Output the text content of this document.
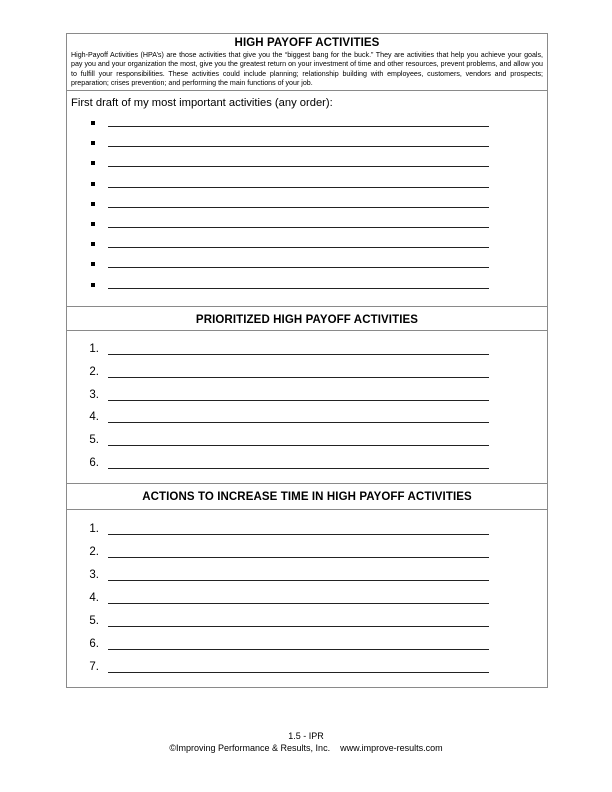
HIGH PAYOFF ACTIVITIES
High-Payoff Activities (HPA’s) are those activities that give you the “biggest bang for the buck.” They are activities that help you achieve your goals, pay you and your organization the most, give you the greatest return on your investment of time and other resources, prevent problems, and allow you to fulfill your responsibilities. These activities could include planning; relationship building with employees, customers, vendors and prospects; preparation; crises prevention; and performing the main functions of your job.
First draft of my most important activities (any order):
PRIORITIZED HIGH PAYOFF ACTIVITIES
1.
2.
3.
4.
5.
6.
ACTIONS TO INCREASE TIME IN HIGH PAYOFF ACTIVITIES
1.
2.
3.
4.
5.
6.
7.
1.5 - IPR
©Improving Performance & Results, Inc. www.improve-results.com
